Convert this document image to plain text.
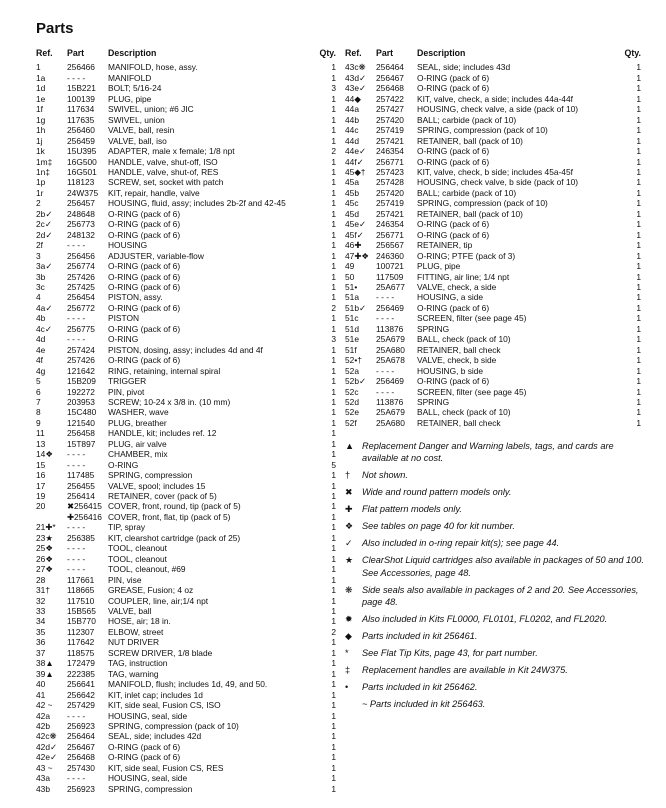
Parts
Ref.	Part	Description	Qty.
1	256466	MANIFOLD, hose, assy.	1
1a	- - - -	MANIFOLD	1
1d	15B221	BOLT; 5/16-24	3
1e	100139	PLUG, pipe	1
1f	117634	SWIVEL, union; #6 JIC	1
1g	117635	SWIVEL, union	1
1h	256460	VALVE, ball, resin	1
1j	256459	VALVE, ball, iso	1
1k	15U395	ADAPTER, male x female; 1/8 npt	2
1m‡	16G500	HANDLE, valve, shut-off, ISO	1
1n‡	16G501	HANDLE, valve, shut-of, RES	1
1p	118123	SCREW, set, socket with patch	1
1r	24W375	KIT, repair, handle, valve	1
2	256457	HOUSING, fluid, assy; includes 2b-2f and 42-45	1
2b✓	248648	O-RING (pack of 6)	1
2c✓	256773	O-RING (pack of 6)	1
2d✓	248132	O-RING (pack of 6)	1
2f	- - - -	HOUSING	1
3	256456	ADJUSTER, variable-flow	1
3a✓	256774	O-RING (pack of 6)	1
3b	257426	O-RING (pack of 6)	1
3c	257425	O-RING (pack of 6)	1
4	256454	PISTON, assy.	1
4a✓	256772	O-RING (pack of 6)	2
4b	- - - -	PISTON	1
4c✓	256775	O-RING (pack of 6)	1
4d	- - - -	O-RING	3
4e	257424	PISTON, dosing, assy; includes 4d and 4f	1
4f	257426	O-RING (pack of 6)	1
4g	121642	RING, retaining, internal spiral	1
5	15B209	TRIGGER	1
6	192272	PIN, pivot	1
7	203953	SCREW; 10-24 x 3/8 in. (10 mm)	1
8	15C480	WASHER, wave	1
9	121540	PLUG, breather	1
11	256458	HANDLE, kit; includes ref. 12	1
13	15T897	PLUG, air valve	1
14❖	- - - -	CHAMBER, mix	1
15	- - - -	O-RING	5
16	117485	SPRING, compression	1
17	256455	VALVE, spool; includes 15	1
19	256414	RETAINER, cover (pack of 5)	1
20	✖256415 COVER, front, round, tip (pack of 5)	1
✚256416 COVER, front, flat, tip (pack of 5)	1
21✚*	- - - -	TIP, spray	1
23★	256385	KIT, clearshot cartridge (pack of 25)	1
25❖	- - - -	TOOL, cleanout	1
26❖	- - - -	TOOL, cleanout	1
27❖	- - - -	TOOL, cleanout, #69	1
28	117661	PIN, vise	1
31†	118665	GREASE, Fusion; 4 oz	1
32	117510	COUPLER, line, air;1/4 npt	1
33	15B565	VALVE, ball	1
34	15B770	HOSE, air; 18 in.	1
35	112307	ELBOW, street	2
36	117642	NUT DRIVER	1
37	118575	SCREW DRIVER, 1/8 blade	1
38▲	172479	TAG, instruction	1
39▲	222385	TAG, warning	1
40	256641	MANIFOLD, flush; includes 1d, 49, and 50.	1
41	256642	KIT, inlet cap; includes 1d	1
42 ~	257429	KIT, side seal, Fusion CS, ISO	1
42a	- - - -	HOUSING, seal, side	1
42b	256923	SPRING, compression (pack of 10)	1
42c❋	256464	SEAL, side; includes 42d	1
42d✓	256467	O-RING (pack of 6)	1
42e✓	256468	O-RING (pack of 6)	1
43 ~	257430	KIT, side seal, Fusion CS, RES	1
43a	- - - -	HOUSING, seal, side	1
43b	256923	SPRING, compression	1
Ref.	Part	Description	Qty.
43c❋	256464	SEAL, side; includes 43d	1
43d✓	256467	O-RING (pack of 6)	1
43e✓	256468	O-RING (pack of 6)	1
44◆	257422	KIT, valve, check, a side; includes 44a-44f	1
44a	257427	HOUSING, check valve, a side (pack of 10)	1
44b	257420	BALL; carbide (pack of 10)	1
44c	257419	SPRING, compression (pack of 10)	1
44d	257421	RETAINER, ball (pack of 10)	1
44e✓	246354	O-RING (pack of 6)	1
44f✓	256771	O-RING (pack of 6)	1
45◆†	257423	KIT, valve, check, b side; includes 45a-45f	1
45a	257428	HOUSING, check valve, b side (pack of 10)	1
45b	257420	BALL; carbide (pack of 10)	1
45c	257419	SPRING, compression (pack of 10)	1
45d	257421	RETAINER, ball (pack of 10)	1
45e✓	246354	O-RING (pack of 6)	1
45f✓	256771	O-RING (pack of 6)	1
46✚	256567	RETAINER, tip	1
47✚❖ 246360	O-RING; PTFE (pack of 3)	1
49	100721	PLUG, pipe	1
50	117509	FITTING, air line; 1/4 npt	1
51•	25A677	VALVE, check, a side	1
51a	- - - -	HOUSING, a side	1
51b✓	256469	O-RING (pack of 6)	1
51c	- - - -	SCREEN, filter (see page 45)	1
51d	113876	SPRING	1
51e	25A679	BALL, check (pack of 10)	1
51f	25A680	RETAINER, ball check	1
52•†	25A678	VALVE, check, b side	1
52a	- - - -	HOUSING, b side	1
52b✓	256469	O-RING (pack of 6)	1
52c	- - - -	SCREEN, filter (see page 45)	1
52d	113876	SPRING	1
52e	25A679	BALL, check (pack of 10)	1
52f	25A680	RETAINER, ball check	1
▲ Replacement Danger and Warning labels, tags, and cards are available at no cost.
†	Not shown.
✖	Wide and round pattern models only.
✚	Flat pattern models only.
❖ See tables on page 40 for kit number.
✓	Also included in o-ring repair kit(s); see page 44.
★ ClearShot Liquid cartridges also available in packages of 50 and 100. See Accessories, page 48.
❋	Side seals also available in packages of 2 and 20. See Accessories, page 48.
✹	Also included in Kits FL0000, FL0101, FL0202, and FL2020.
◆	Parts included in kit 256461.
*	See Flat Tip Kits, page 43, for part number.
‡	Replacement handles are available in Kit 24W375.
•	Parts included in kit 256462.
~ Parts included in kit 256463.
